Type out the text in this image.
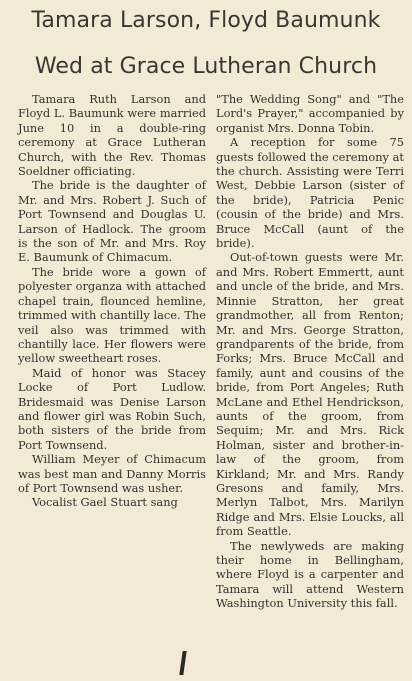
Tamara Larson, Floyd Baumunk
Wed at Grace Lutheran Church

Tamara Ruth Larson and Floyd L. Baumunk were married June 10 in a double-ring ceremony at Grace Lutheran Church, with the Rev. Thomas Soeldner officiating.

The bride is the daughter of Mr. and Mrs. Robert J. Such of Port Townsend and Douglas U. Larson of Hadlock. The groom is the son of Mr. and Mrs. Roy E. Baumunk of Chimacum.

The bride wore a gown of polyester organza with attached chapel train, flounced hemline, trimmed with chantilly lace. The veil also was trimmed with chantilly lace. Her flowers were yellow sweetheart roses.

Maid of honor was Stacey Locke of Port Ludlow. Bridesmaid was Denise Larson and flower girl was Robin Such, both sisters of the bride from Port Townsend.

William Meyer of Chimacum was best man and Danny Morris of Port Townsend was usher.

Vocalist Gael Stuart sang

"The Wedding Song" and "The Lord's Prayer," accompanied by organist Mrs. Donna Tobin.

A reception for some 75 guests followed the ceremony at the church. Assisting were Terri West, Debbie Larson (sister of the bride), Patricia Penic (cousin of the bride) and Mrs. Bruce McCall (aunt of the bride).

Out-of-town guests were Mr. and Mrs. Robert Emmertt, aunt and uncle of the bride, and Mrs. Minnie Stratton, her great grandmother, all from Renton; Mr. and Mrs. George Stratton, grandparents of the bride, from Forks; Mrs. Bruce McCall and family, aunt and cousins of the bride, from Port Angeles; Ruth McLane and Ethel Hendrickson, aunts of the groom, from Sequim; Mr. and Mrs. Rick Holman, sister and brother-in-law of the groom, from Kirkland; Mr. and Mrs. Randy Gresons and family, Mrs. Merlyn Talbot, Mrs. Marilyn Ridge and Mrs. Elsie Loucks, all from Seattle.

The newlyweds are making their home in Bellingham, where Floyd is a carpenter and Tamara will attend Western Washington University this fall.
